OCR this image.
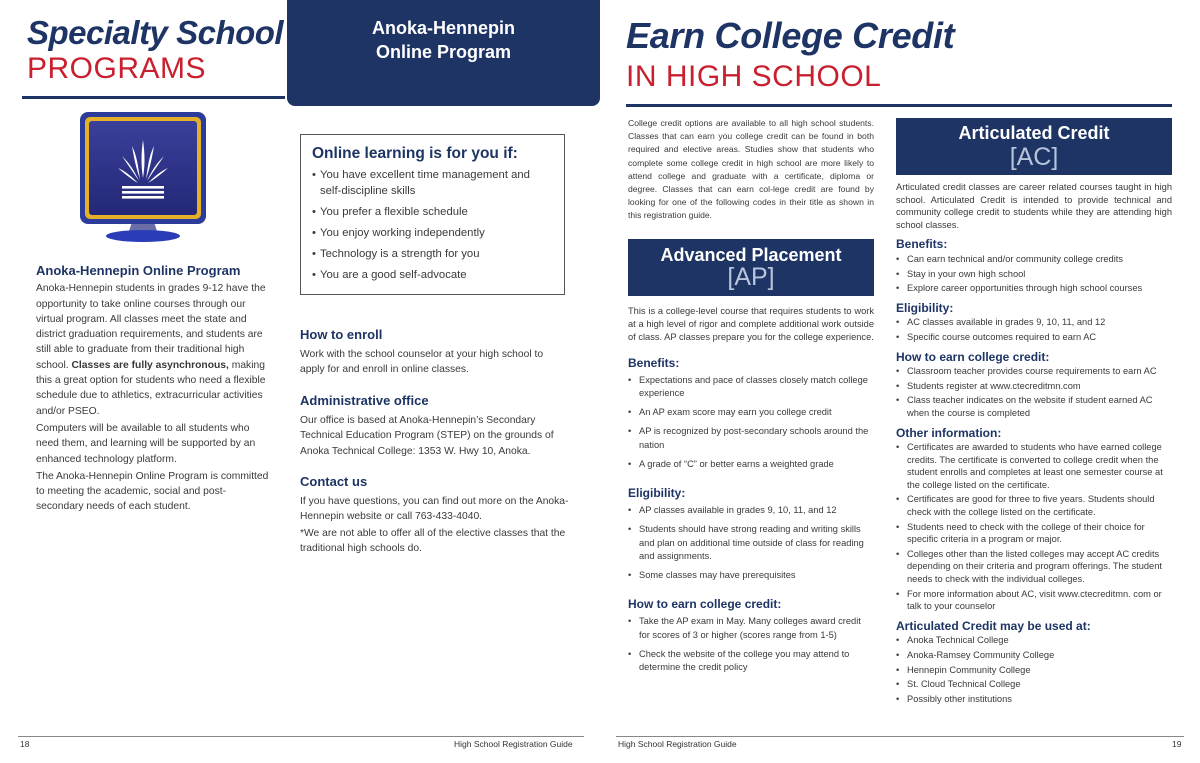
Specialty School
PROGRAMS
Anoka-Hennepin
Online Program
Anoka-Hennepin Online Program

Anoka-Hennepin students in grades 9-12 have the opportunity to take online courses through our virtual program. All classes meet the state and district graduation requirements, and students are still able to graduate from their traditional high school. Classes are fully asynchronous, making this a great option for students who need a flexible schedule due to athletics, extracurricular activities and/or PSEO.

Computers will be available to all students who need them, and learning will be supported by an enhanced technology platform.

The Anoka-Hennepin Online Program is committed to meeting the academic, social and post-secondary needs of each student.

Online learning is for you if:
• You have excellent time management and self-discipline skills
• You prefer a flexible schedule
• You enjoy working independently
• Technology is a strength for you
• You are a good self-advocate
How to enroll

Work with the school counselor at your high school to apply for and enroll in online classes.

Administrative office

Our office is based at Anoka-Hennepin’s Secondary Technical Education Program (STEP) on the grounds of Anoka Technical College: 1353 W. Hwy 10, Anoka.

Contact us

If you have questions, you can find out more on the Anoka-Hennepin website or call 763-433-4040.

*We are not able to offer all of the elective classes that the traditional high schools do.

Earn College Credit
IN HIGH SCHOOL

College credit options are available to all high school students. Classes that can earn you college credit can be found in both required and elective areas. Studies show that students who complete some college credit in high school are more likely to attend college and graduate with a certificate, diploma or degree. Classes that can earn col-lege credit are found by looking for one of the following codes in their title as shown in this registration guide.

Advanced Placement
[AP]

This is a college-level course that requires students to work at a high level of rigor and complete additional work outside of class. AP classes prepare you for the college experience.

Benefits:
• Expectations and pace of classes closely match college experience
• An AP exam score may earn you college credit
• AP is recognized by post-secondary schools around the nation
• A grade of “C” or better earns a weighted grade
Eligibility:
• AP classes available in grades 9, 10, 11, and 12
• Students should have strong reading and writing skills and plan on additional time outside of class for reading and assignments.
• Some classes may have prerequisites
How to earn college credit:
• Take the AP exam in May. Many colleges award credit for scores of 3 or higher (scores range from 1-5)
• Check the website of the college you may attend to determine the credit policy
Articulated Credit
[AC]

Articulated credit classes are career related courses taught in high school. Articulated Credit is intended to provide technical and community college credit to students while they are attending high school classes.

Benefits:
• Can earn technical and/or community college credits
• Stay in your own high school
• Explore career opportunities through high school courses
Eligibility:
• AC classes available in grades 9, 10, 11, and 12
• Specific course outcomes required to earn AC
How to earn college credit:
• Classroom teacher provides course requirements to earn AC
• Students register at www.ctecreditmn.com
• Class teacher indicates on the website if student earned AC when the course is completed
Other information:
• Certificates are awarded to students who have earned college credits. The certificate is converted to college credit when the student enrolls and completes at least one semester course at the college listed on the certificate.
• Certificates are good for three to five years. Students should check with the college listed on the certificate.
• Students need to check with the college of their choice for specific criteria in a program or major.
• Colleges other than the listed colleges may accept AC credits depending on their criteria and program offerings. The student needs to check with the individual colleges.
• For more information about AC, visit www.ctecreditmn. com or talk to your counselor
Articulated Credit may be used at:
• Anoka Technical College
• Anoka-Ramsey Community College
• Hennepin Community College
• St. Cloud Technical College
• Possibly other institutions
18	High School Registration Guide	High School Registration Guide	19
